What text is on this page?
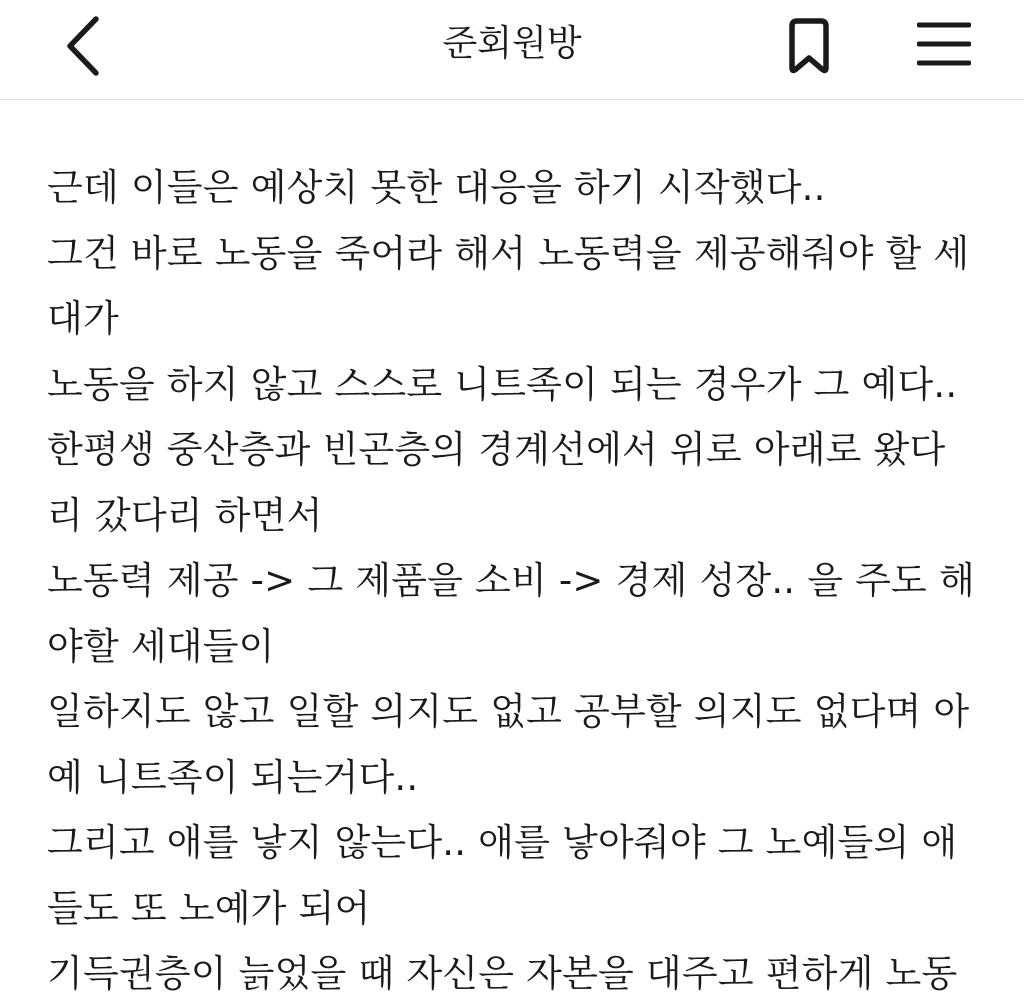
준회원방
근데 이들은 예상치 못한 대응을 하기 시작했다..
그건 바로 노동을 죽어라 해서 노동력을 제공해줘야 할 세
대가
노동을 하지 않고 스스로 니트족이 되는 경우가 그 예다..
한평생 중산층과 빈곤층의 경계선에서 위로 아래로 왔다
리 갔다리 하면서
노동력 제공 -> 그 제품을 소비 -> 경제 성장.. 을 주도 해
야할 세대들이
일하지도 않고 일할 의지도 없고 공부할 의지도 없다며 아
예 니트족이 되는거다..
그리고 애를 낳지 않는다.. 애를 낳아줘야 그 노예들의 애
들도 또 노예가 되어
기득권층이 늙었을 때 자신은 자본을 대주고 편하게 노동
